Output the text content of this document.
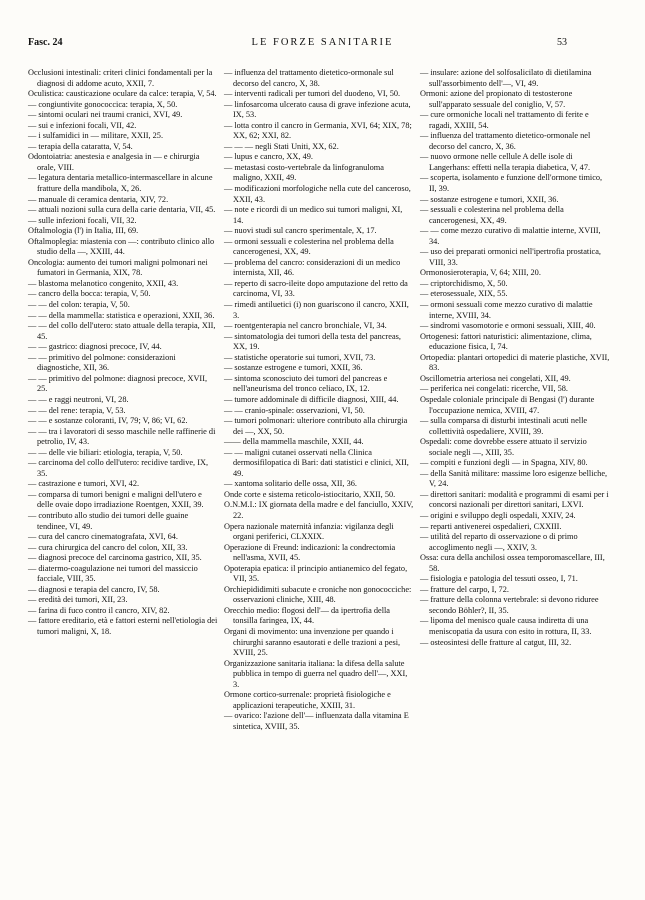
Fasc. 24	LE FORZE SANITARIE	53

Occlusioni intestinali: criteri clinici fondamentali per la diagnosi di addome acuto, XXII, 7.

Oculistica: causticazione oculare da calce: terapia, V, 54.

— congiuntivite gonococcica: terapia, X, 50.

— sintomi oculari nei traumi cranici, XVI, 49.

— sui e infezioni focali, VII, 42.

— i sulfamidici in — militare, XXII, 25.

— terapia della cataratta, V, 54.

Odontoiatria: anestesia e analgesia in — e chirurgia orale, VIII.

— legatura dentaria metallico-intermascellare in alcune fratture della mandibola, X, 26.

— manuale di ceramica dentaria, XIV, 72.

— attuali nozioni sulla cura della carie dentaria, VII, 45.

— sulle infezioni focali, VII, 32.

Oftalmologia (l') in Italia, III, 69.

Oftalmoplegia: miastenia con —: contributo clinico allo studio della —, XXIII, 44.

Oncologia: aumento dei tumori maligni polmonari nei fumatori in Germania, XIX, 78.

— blastoma melanotico congenito, XXII, 43.

— cancro della bocca: terapia, V, 50.

— — del colon: terapia, V, 50.

— — della mammella: statistica e operazioni, XXII, 36.

— — del collo dell'utero: stato attuale della terapia, XII, 45.

— — gastrico: diagnosi precoce, IV, 44.

— — primitivo del polmone: considerazioni diagnostiche, XII, 36.

— — primitivo del polmone: diagnosi precoce, XVII, 25.

— — e raggi neutroni, VI, 28.

— — del rene: terapia, V, 53.

— — e sostanze coloranti, IV, 79; V, 86; VI, 62.

— — tra i lavoratori di sesso maschile nelle raffinerie di petrolio, IV, 43.

— — delle vie biliari: etiologia, terapia, V, 50.

— carcinoma del collo dell'utero: recidive tardive, IX, 35.

— castrazione e tumori, XVI, 42.

— comparsa di tumori benigni e maligni dell'utero e delle ovaie dopo irradiazione Roentgen, XXII, 39.

— contributo allo studio dei tumori delle guaine tendinee, VI, 49.

— cura del cancro cinematografata, XVI, 64.

— cura chirurgica del cancro del colon, XII, 33.

— diagnosi precoce del carcinoma gastrico, XII, 35.

— diatermo-coagulazione nei tumori del massiccio facciale, VIII, 35.

— diagnosi e terapia del cancro, IV, 58.

— eredità dei tumori, XII, 23.

— farina di fuco contro il cancro, XIV, 82.

— fattore ereditario, età e fattori esterni nell'etiologia dei tumori maligni, X, 18.

— influenza del trattamento dietetico-ormonale sul decorso del cancro, X, 38.

— interventi radicali per tumori del duodeno, VI, 50.

— linfosarcoma ulcerato causa di grave infezione acuta, IX, 53.

— lotta contro il cancro in Germania, XVI, 64; XIX, 78; XX, 62; XXI, 82.

— — — negli Stati Uniti, XX, 62.

— lupus e cancro, XX, 49.

— metastasi costo-vertebrale da linfogranuloma maligno, XXII, 49.

— modificazioni morfologiche nella cute del canceroso, XXII, 43.

— note e ricordi di un medico sui tumori maligni, XI, 14.

— nuovi studi sul cancro sperimentale, X, 17.

— ormoni sessuali e colesterina nel problema della cancerogenesi, XX, 49.

— problema del cancro: considerazioni di un medico internista, XII, 46.

— reperto di sacro-ileite dopo amputazione del retto da carcinoma, VI, 33.

— rimedi antiluetici (i) non guariscono il cancro, XXII, 3.

— roentgenterapia nel cancro bronchiale, VI, 34.

— sintomatologia dei tumori della testa del pancreas, XX, 19.

— statistiche operatorie sui tumori, XVII, 73.

— sostanze estrogene e tumori, XXII, 36.

— sintoma sconosciuto dei tumori del pancreas e nell'aneurisma del tronco celiaco, IX, 12.

— tumore addominale di difficile diagnosi, XIII, 44.

— — cranio-spinale: osservazioni, VI, 50.

— tumori polmonari: ulteriore contributo alla chirurgia dei —, XX, 50.

—— della mammella maschile, XXII, 44.

— — maligni cutanei osservati nella Clinica dermosifilopatica di Bari: dati statistici e clinici, XII, 49.

— xantoma solitario delle ossa, XII, 36.

Onde corte e sistema reticolo-istiocitario, XXII, 50.

O.N.M.I.: IX giornata della madre e del fanciullo, XXIV, 22.

Opera nazionale maternità infanzia: vigilanza degli organi periferici, CLXXIX.

Operazione di Freund: indicazioni: la condrectomia nell'asma, XVII, 45.

Opoterapia epatica: il principio antianemico del fegato, VII, 35.

Orchiepididimiti subacute e croniche non gonococciche: osservazioni cliniche, XIII, 48.

Orecchio medio: flogosi dell'— da ipertrofia della tonsilla faringea, IX, 44.

Organi di movimento: una invenzione per quando i chirurghi saranno esautorati e delle trazioni a pesi, XVIII, 25.

Organizzazione sanitaria italiana: la difesa della salute pubblica in tempo di guerra nel quadro dell'—, XXI, 3.

Ormone cortico-surrenale: proprietà fisiologiche e applicazioni terapeutiche, XXIII, 31.

— ovarico: l'azione dell'— influenzata dalla vitamina E sintetica, XVIII, 35.

— insulare: azione del solfosalicilato di dietilamina sull'assorbimento dell'—, VI, 49.

Ormoni: azione del propionato di testosterone sull'apparato sessuale del coniglio, V, 57.

— cure ormoniche locali nel trattamento di ferite e ragadi, XXIII, 54.

— influenza del trattamento dietetico-ormonale nel decorso del cancro, X, 36.

— nuovo ormone nelle cellule A delle isole di Langerhans: effetti nella terapia diabetica, V, 47.

— scoperta, isolamento e funzione dell'ormone timico, II, 39.

— sostanze estrogene e tumori, XXII, 36.

— sessuali e colesterina nel problema della cancerogenesi, XX, 49.

— — come mezzo curativo di malattie interne, XVIII, 34.

— uso dei preparati ormonici nell'ipertrofia prostatica, VIII, 33.

Ormonosieroterapia, V, 64; XIII, 20.

— criptorchidismo, X, 50.

— eterosessuale, XIX, 55.

— ormoni sessuali come mezzo curativo di malattie interne, XVIII, 34.

— sindromi vasomotorie e ormoni sessuali, XIII, 40.

Ortogenesi: fattori naturistici: alimentazione, clima, educazione fisica, I, 74.

Ortopedia: plantari ortopedici di materie plastiche, XVII, 83.

Oscillometria arteriosa nei congelati, XII, 49.

— periferica nei congelati: ricerche, VII, 58.

Ospedale coloniale principale di Bengasi (l') durante l'occupazione nemica, XVIII, 47.

— sulla comparsa di disturbi intestinali acuti nelle collettività ospedaliere, XVIII, 39.

Ospedali: come dovrebbe essere attuato il servizio sociale negli —, XIII, 35.

— compiti e funzioni degli — in Spagna, XIV, 80.

— della Sanità militare: massime loro esigenze belliche, V, 24.

— direttori sanitari: modalità e programmi di esami per i concorsi nazionali per direttori sanitari, LXVI.

— origini e sviluppo degli ospedali, XXIV, 24.

— reparti antivenerei ospedalieri, CXXIII.

— utilità del reparto di osservazione o di primo accoglimento negli —, XXIV, 3.

Ossa: cura della anchilosi ossea temporomascellare, III, 58.

— fisiologia e patologia del tessuti osseo, I, 71.

— fratture del carpo, I, 72.

— fratture della colonna vertebrale: si devono riduree secondo Böhler?, II, 35.

— lipoma del menisco quale causa indiretta di una meniscopatia da usura con esito in rottura, II, 33.

— osteosintesi delle fratture al catgut, III, 32.
